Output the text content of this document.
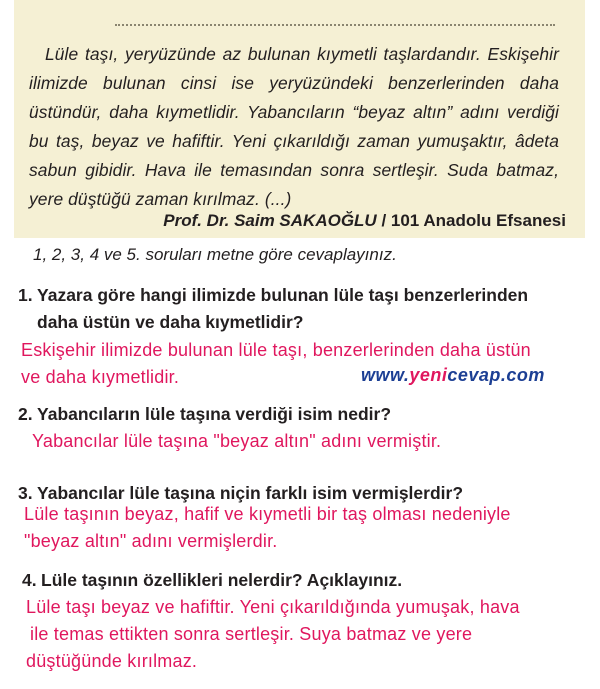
Lüle taşı, yeryüzünde az bulunan kıymetli taşlardandır. Eskişehir ilimizde bulunan cinsi ise yeryüzündeki benzerlerinden daha üstündür, daha kıymetlidir. Yabancıların “beyaz altın” adını verdiği bu taş, beyaz ve hafiftir. Yeni çıkarıldığı zaman yumuşaktır, âdeta sabun gibidir. Hava ile temasından sonra sertleşir. Suda batmaz, yere düştüğü zaman kırılmaz. (...)

Prof. Dr. Saim SAKAOĞLU / 101 Anadolu Efsanesi
1, 2, 3, 4 ve 5. soruları metne göre cevaplayınız.
1. Yazara göre hangi ilimizde bulunan lüle taşı benzerlerinden
daha üstün ve daha kıymetlidir?
Eskişehir ilimizde bulunan lüle taşı, benzerlerinden daha üstün
ve daha kıymetlidir.	www.yenicevap.com
2. Yabancıların lüle taşına verdiği isim nedir?
Yabancılar lüle taşına "beyaz altın" adını vermiştir.
3. Yabancılar lüle taşına niçin farklı isim vermişlerdir?
Lüle taşının beyaz, hafif ve kıymetli bir taş olması nedeniyle
"beyaz altın" adını vermişlerdir.
4. Lüle taşının özellikleri nelerdir? Açıklayınız.
Lüle taşı beyaz ve hafiftir. Yeni çıkarıldığında yumuşak, hava
ile temas ettikten sonra sertleşir. Suya batmaz ve yere
düştüğünde kırılmaz.
